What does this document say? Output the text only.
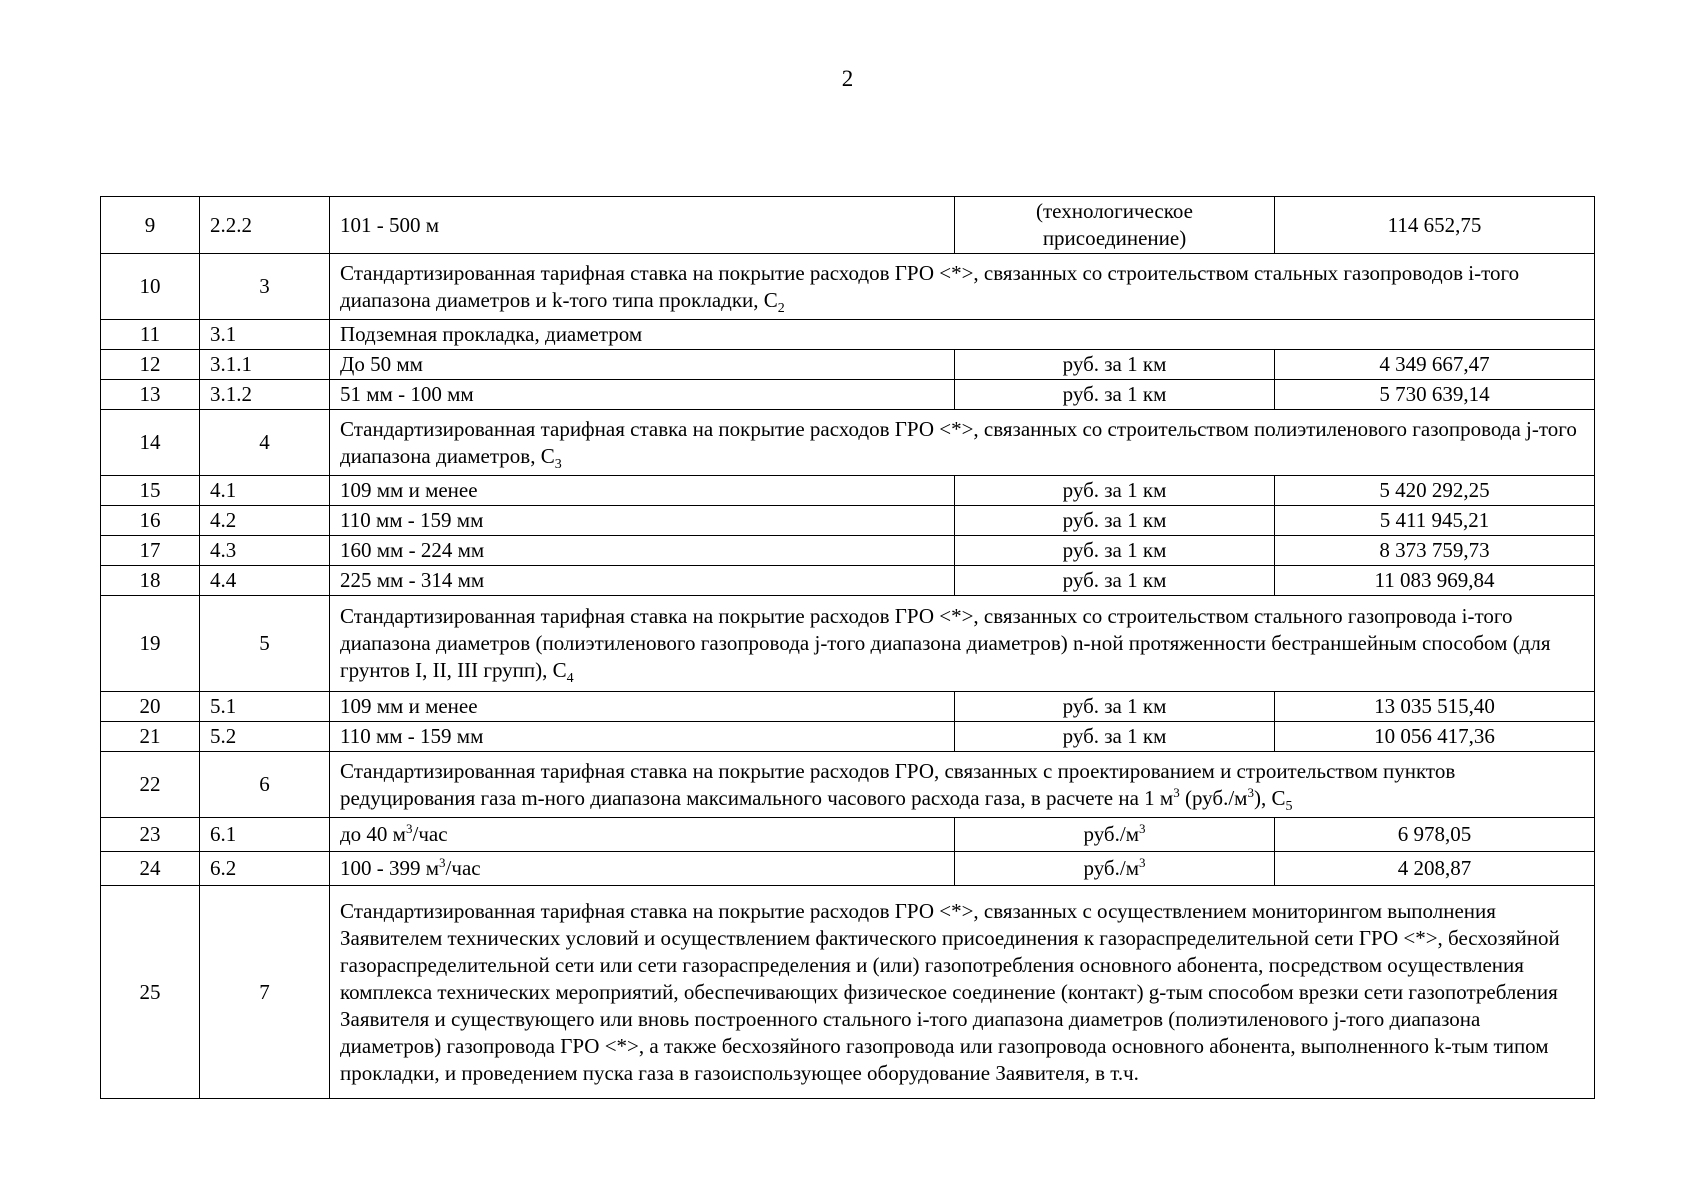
2
9	2.2.2	101 - 500 м	(технологическое присоединение)	114 652,75
10	3	Стандартизированная тарифная ставка на покрытие расходов ГРО <*>, связанных со строительством стальных газопроводов i-того диапазона диаметров и k-того типа прокладки, $С_2$
11	3.1	Подземная прокладка, диаметром		
12	3.1.1	До 50 мм	руб. за 1 км	4 349 667,47
13	3.1.2	51 мм - 100 мм	руб. за 1 км	5 730 639,14
14	4	Стандартизированная тарифная ставка на покрытие расходов ГРО <*>, связанных со строительством полиэтиленового газопровода j-того диапазона диаметров, $С_3$
15	4.1	109 мм и менее	руб. за 1 км	5 420 292,25
16	4.2	110 мм - 159 мм	руб. за 1 км	5 411 945,21
17	4.3	160 мм - 224 мм	руб. за 1 км	8 373 759,73
18	4.4	225 мм - 314 мм	руб. за 1 км	11 083 969,84
19	5	Стандартизированная тарифная ставка на покрытие расходов ГРО <*>, связанных со строительством стального газопровода i-того диапазона диаметров (полиэтиленового газопровода j-того диапазона диаметров) n-ной протяженности бестраншейным способом (для грунтов I, II, III групп), $С_4$
20	5.1	109 мм и менее	руб. за 1 км	13 035 515,40
21	5.2	110 мм - 159 мм	руб. за 1 км	10 056 417,36
22	6	Стандартизированная тарифная ставка на покрытие расходов ГРО, связанных с проектированием и строительством пунктов редуцирования газа m-ного диапазона максимального часового расхода газа, в расчете на 1 $м^3$ $(руб./м^3)$, $С_5$
23	6.1	до 40 $м^3$/час	$руб./м^3$	6 978,05
24	6.2	100 - 399 $м^3$/час	$руб./м^3$	4 208,87
25	7	Стандартизированная тарифная ставка на покрытие расходов ГРО <*>, связанных с осуществлением мониторингом выполнения Заявителем технических условий и осуществлением фактического присоединения к газораспределительной сети ГРО <*>, бесхозяйной газораспределительной сети или сети газораспределения и (или) газопотребления основного абонента, посредством осуществления комплекса технических мероприятий, обеспечивающих физическое соединение (контакт) g-тым способом врезки сети газопотребления Заявителя и существующего или вновь построенного стального i-того диапазона диаметров (полиэтиленового j-того диапазона диаметров) газопровода ГРО <*>, а также бесхозяйного газопровода или газопровода основного абонента, выполненного k-тым типом прокладки, и проведением пуска газа в газоиспользующее оборудование Заявителя, в т.ч.		
